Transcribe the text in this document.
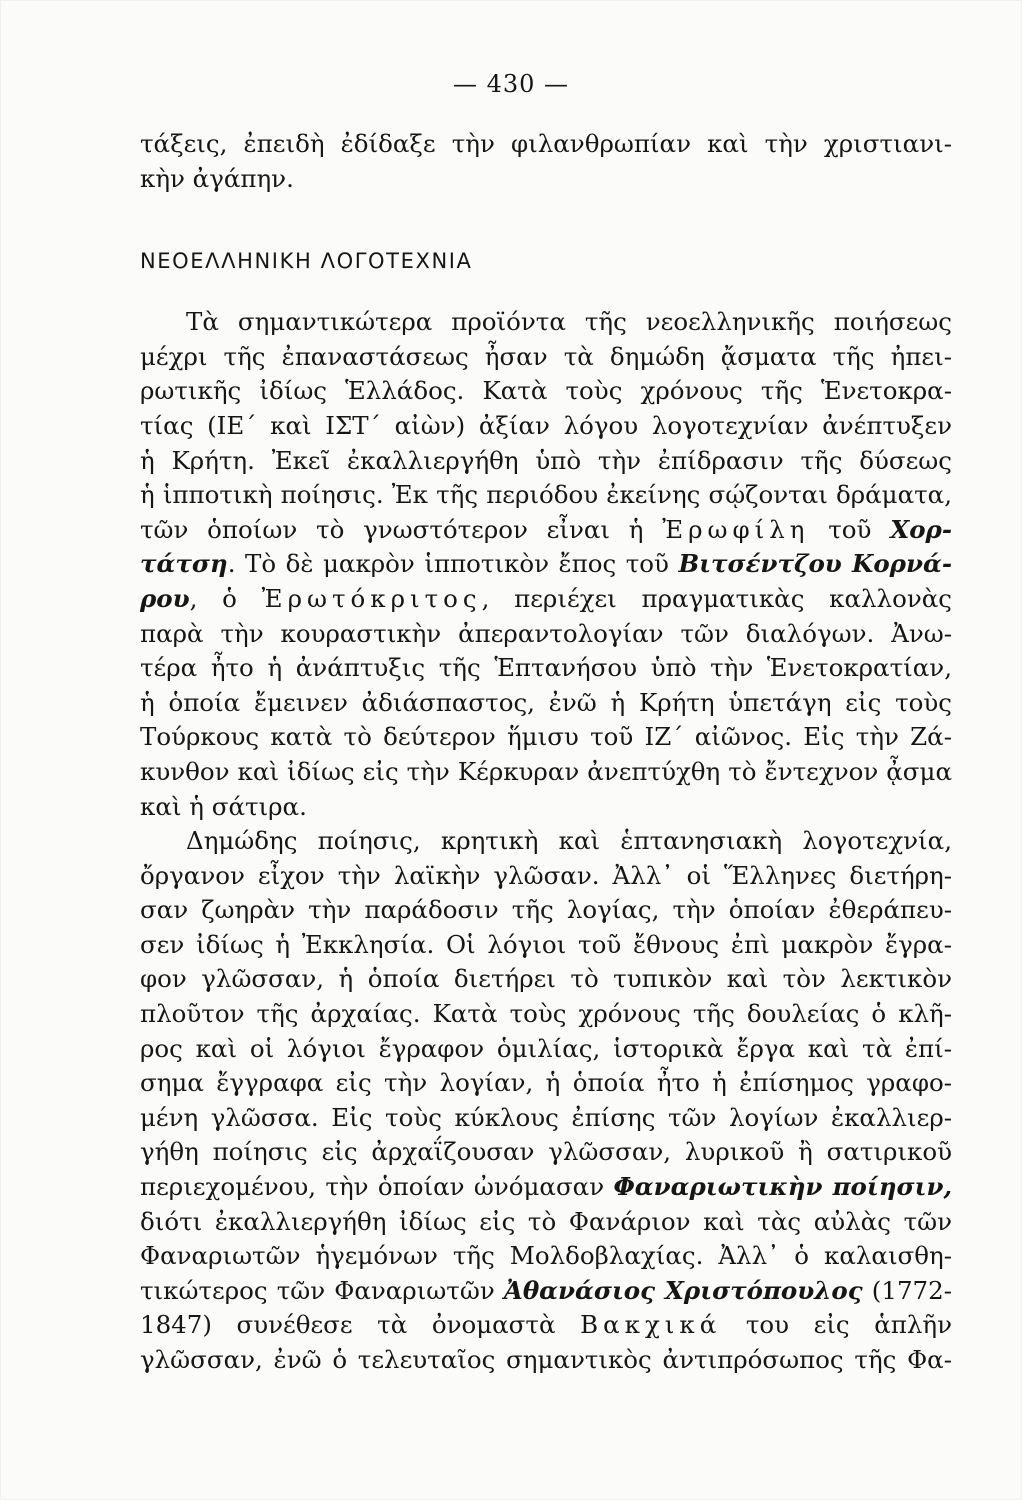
— 430 —
τάξεις, ἐπειδὴ ἐδίδαξε τὴν φιλανθρωπίαν καὶ τὴν χριστιανι-
κὴν ἀγάπην.
ΝΕΟΕΛΛΗΝΙΚΗ ΛΟΓΟΤΕΧΝΙΑ
Τὰ σημαντικώτερα προϊόντα τῆς νεοελληνικῆς ποιήσεως
μέχρι τῆς ἐπαναστάσεως ἦσαν τὰ δημώδη ᾄσματα τῆς ἠπει-
ρωτικῆς ἰδίως Ἑλλάδος. Κατὰ τοὺς χρόνους τῆς Ἑνετοκρα-
τίας (ΙΕ΄ καὶ ΙΣΤ΄ αἰὼν) ἀξίαν λόγου λογοτεχνίαν ἀνέπτυξεν
ἡ Κρήτη. Ἐκεῖ ἐκαλλιεργήθη ὑπὸ τὴν ἐπίδρασιν τῆς δύσεως
ἡ ἱπποτικὴ ποίησις. Ἐκ τῆς περιόδου ἐκείνης σῴζονται δράματα,
τῶν ὁποίων τὸ γνωστότερον εἶναι ἡ Ἐρωφίλη τοῦ Χορ-
τάτση. Τὸ δὲ μακρὸν ἱπποτικὸν ἔπος τοῦ Βιτσέντζου Κορνά-
ρου, ὁ Ἐρωτόκριτος, περιέχει πραγματικὰς καλλονὰς
παρὰ τὴν κουραστικὴν ἀπεραντολογίαν τῶν διαλόγων. Ἀνω-
τέρα ἦτο ἡ ἀνάπτυξις τῆς Ἑπτανήσου ὑπὸ τὴν Ἑνετοκρατίαν,
ἡ ὁποία ἔμεινεν ἀδιάσπαστος, ἐνῶ ἡ Κρήτη ὑπετάγη εἰς τοὺς
Τούρκους κατὰ τὸ δεύτερον ἥμισυ τοῦ ΙΖ΄ αἰῶνος. Εἰς τὴν Ζά-
κυνθον καὶ ἰδίως εἰς τὴν Κέρκυραν ἀνεπτύχθη τὸ ἔντεχνον ᾆσμα
καὶ ἡ σάτιρα.
Δημώδης ποίησις, κρητικὴ καὶ ἑπτανησιακὴ λογοτεχνία,
ὄργανον εἶχον τὴν λαϊκὴν γλῶσαν. Ἀλλ᾽ οἱ Ἕλληνες διετήρη-
σαν ζωηρὰν τὴν παράδοσιν τῆς λογίας, τὴν ὁποίαν ἐθεράπευ-
σεν ἰδίως ἡ Ἐκκλησία. Οἱ λόγιοι τοῦ ἔθνους ἐπὶ μακρὸν ἔγρα-
φον γλῶσσαν, ἡ ὁποία διετήρει τὸ τυπικὸν καὶ τὸν λεκτικὸν
πλοῦτον τῆς ἀρχαίας. Κατὰ τοὺς χρόνους τῆς δουλείας ὁ κλῆ-
ρος καὶ οἱ λόγιοι ἔγραφον ὁμιλίας, ἱστορικὰ ἔργα καὶ τὰ ἐπί-
σημα ἔγγραφα εἰς τὴν λογίαν, ἡ ὁποία ἦτο ἡ ἐπίσημος γραφο-
μένη γλῶσσα. Εἰς τοὺς κύκλους ἐπίσης τῶν λογίων ἐκαλλιερ-
γήθη ποίησις εἰς ἀρχαΐζουσαν γλῶσσαν, λυρικοῦ ἢ σατιρικοῦ
περιεχομένου, τὴν ὁποίαν ὠνόμασαν Φαναριωτικὴν ποίησιν,
διότι ἐκαλλιεργήθη ἰδίως εἰς τὸ Φανάριον καὶ τὰς αὐλὰς τῶν
Φαναριωτῶν ἡγεμόνων τῆς Μολδοβλαχίας. Ἀλλ᾽ ὁ καλαισθη-
τικώτερος τῶν Φαναριωτῶν Ἀθανάσιος Χριστόπουλος (1772-
1847) συνέθεσε τὰ ὀνομαστὰ Βακχικά του εἰς ἁπλῆν
γλῶσσαν, ἐνῶ ὁ τελευταῖος σημαντικὸς ἀντιπρόσωπος τῆς Φα-
